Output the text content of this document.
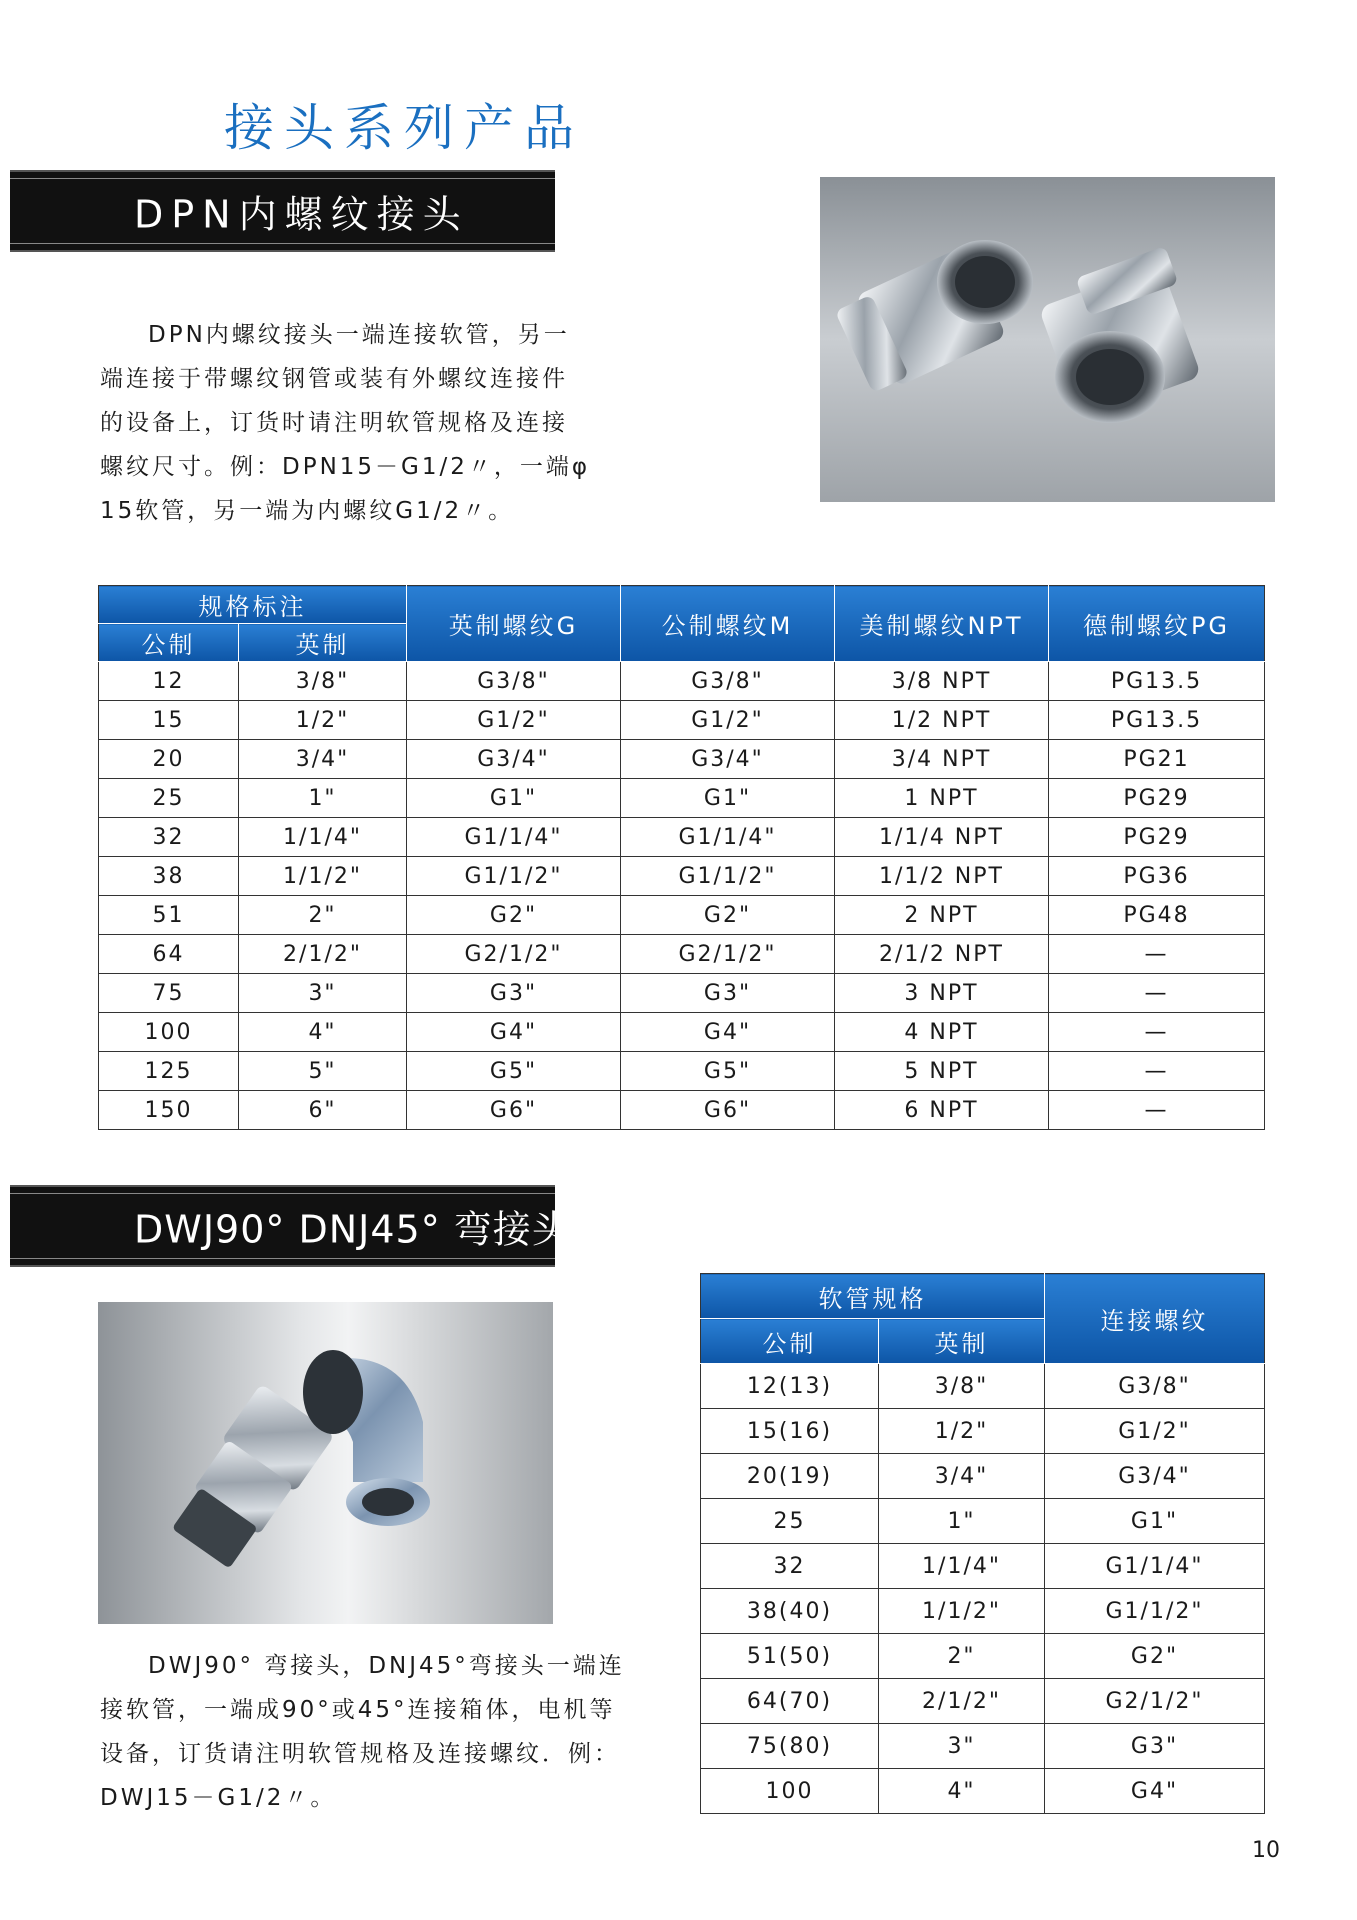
接头系列产品
DPN内螺纹接头
DPN内螺纹接头一端连接软管，另一
端连接于带螺纹钢管或装有外螺纹连接件
的设备上，订货时请注明软管规格及连接
螺纹尺寸。例：DPN15－G1/2〃，一端φ
15软管，另一端为内螺纹G1/2〃。
规格标注		英制螺纹G	公制螺纹M	美制螺纹NPT	德制螺纹PG
公制	英制				
12	3/8"	G3/8"	G3/8"	3/8 NPT	PG13.5
15	1/2"	G1/2"	G1/2"	1/2 NPT	PG13.5
20	3/4"	G3/4"	G3/4"	3/4 NPT	PG21
25	1"	G1"	G1"	1 NPT	PG29
32	1/1/4"	G1/1/4"	G1/1/4"	1/1/4 NPT	PG29
38	1/1/2"	G1/1/2"	G1/1/2"	1/1/2 NPT	PG36
51	2"	G2"	G2"	2 NPT	PG48
64	2/1/2"	G2/1/2"	G2/1/2"	2/1/2 NPT	—
75	3"	G3"	G3"	3 NPT	—
100	4"	G4"	G4"	4 NPT	—
125	5"	G5"	G5"	5 NPT	—
150	6"	G6"	G6"	6 NPT	—
DWJ90° DNJ45° 弯接头
DWJ90° 弯接头，DNJ45°弯接头一端连
接软管，一端成90°或45°连接箱体，电机等
设备，订货请注明软管规格及连接螺纹．例：
DWJ15－G1/2〃。
软管规格		连接螺纹
公制	英制	
12(13)	3/8"	G3/8"
15(16)	1/2"	G1/2"
20(19)	3/4"	G3/4"
25	1"	G1"
32	1/1/4"	G1/1/4"
38(40)	1/1/2"	G1/1/2"
51(50)	2"	G2"
64(70)	2/1/2"	G2/1/2"
75(80)	3"	G3"
100	4"	G4"
10
